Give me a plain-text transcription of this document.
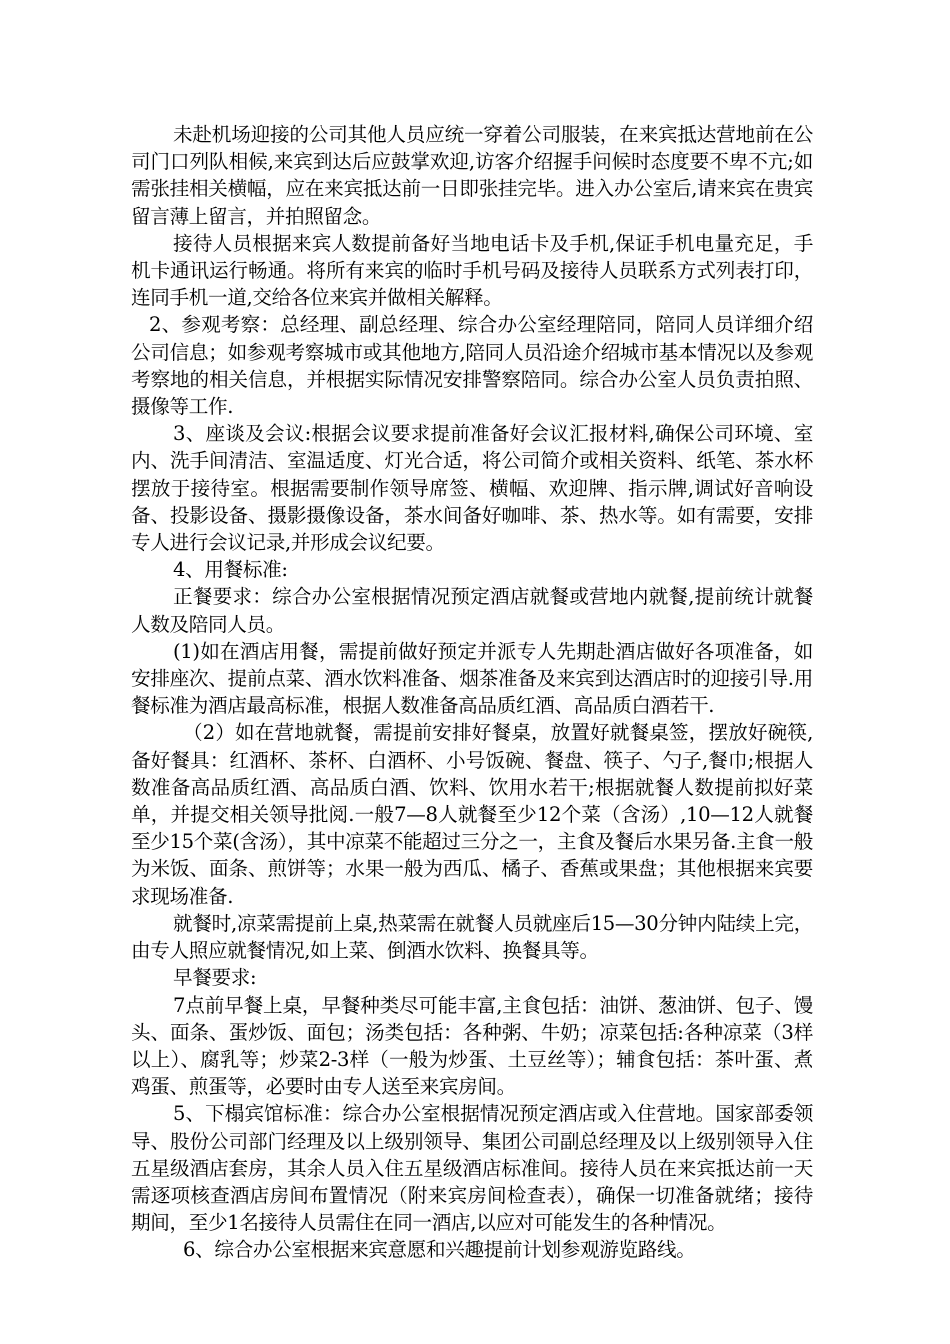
未赴机场迎接的公司其他人员应统一穿着公司服装，在来宾抵达营地前在公司门口列队相候,来宾到达后应鼓掌欢迎,访客介绍握手问候时态度要不卑不亢;如需张挂相关横幅，应在来宾抵达前一日即张挂完毕。进入办公室后,请来宾在贵宾留言薄上留言，并拍照留念。

接待人员根据来宾人数提前备好当地电话卡及手机,保证手机电量充足，手机卡通讯运行畅通。将所有来宾的临时手机号码及接待人员联系方式列表打印，连同手机一道,交给各位来宾并做相关解释。

2、参观考察：总经理、副总经理、综合办公室经理陪同，陪同人员详细介绍公司信息；如参观考察城市或其他地方,陪同人员沿途介绍城市基本情况以及参观考察地的相关信息，并根据实际情况安排警察陪同。综合办公室人员负责拍照、摄像等工作.

3、座谈及会议:根据会议要求提前准备好会议汇报材料,确保公司环境、室内、洗手间清洁、室温适度、灯光合适，将公司简介或相关资料、纸笔、茶水杯摆放于接待室。根据需要制作领导席签、横幅、欢迎牌、指示牌,调试好音响设备、投影设备、摄影摄像设备，茶水间备好咖啡、茶、热水等。如有需要，安排专人进行会议记录,并形成会议纪要。

4、用餐标准:

正餐要求：综合办公室根据情况预定酒店就餐或营地内就餐,提前统计就餐人数及陪同人员。

(1)如在酒店用餐，需提前做好预定并派专人先期赴酒店做好各项准备，如安排座次、提前点菜、酒水饮料准备、烟茶准备及来宾到达酒店时的迎接引导.用餐标准为酒店最高标准，根据人数准备高品质红酒、高品质白酒若干.

（2）如在营地就餐，需提前安排好餐桌，放置好就餐桌签，摆放好碗筷,备好餐具：红酒杯、茶杯、白酒杯、小号饭碗、餐盘、筷子、勺子,餐巾;根据人数准备高品质红酒、高品质白酒、饮料、饮用水若干;根据就餐人数提前拟好菜单，并提交相关领导批阅.一般7—8人就餐至少12个菜（含汤）,10—12人就餐至少15个菜(含汤），其中凉菜不能超过三分之一，主食及餐后水果另备.主食一般为米饭、面条、煎饼等；水果一般为西瓜、橘子、香蕉或果盘；其他根据来宾要求现场准备.

就餐时,凉菜需提前上桌,热菜需在就餐人员就座后15—30分钟内陆续上完，由专人照应就餐情况,如上菜、倒酒水饮料、换餐具等。

早餐要求:

7点前早餐上桌，早餐种类尽可能丰富,主食包括：油饼、葱油饼、包子、馒头、面条、蛋炒饭、面包；汤类包括：各种粥、牛奶；凉菜包括:各种凉菜（3样以上）、腐乳等；炒菜2-3样（一般为炒蛋、土豆丝等）；辅食包括：茶叶蛋、煮鸡蛋、煎蛋等，必要时由专人送至来宾房间。

5、下榻宾馆标准：综合办公室根据情况预定酒店或入住营地。国家部委领导、股份公司部门经理及以上级别领导、集团公司副总经理及以上级别领导入住五星级酒店套房，其余人员入住五星级酒店标准间。接待人员在来宾抵达前一天需逐项核查酒店房间布置情况（附来宾房间检查表），确保一切准备就绪；接待期间，至少1名接待人员需住在同一酒店,以应对可能发生的各种情况。

6、综合办公室根据来宾意愿和兴趣提前计划参观游览路线。
